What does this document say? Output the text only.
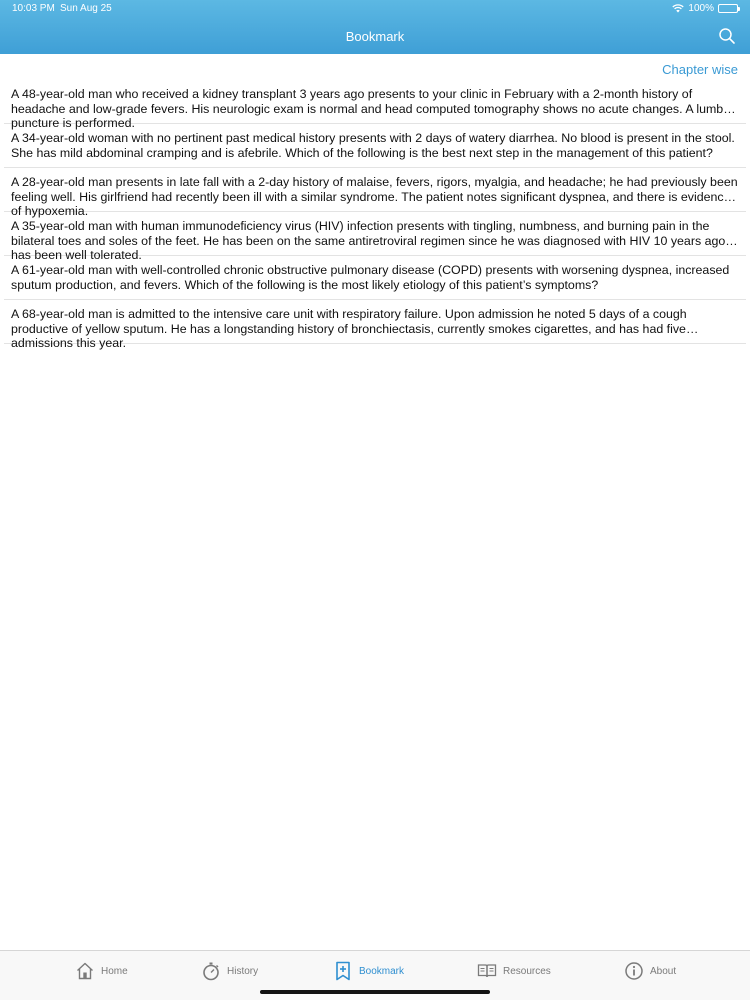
10:03 PM Sun Aug 25	100%
Bookmark
Chapter wise
A 48-year-old man who received a kidney transplant 3 years ago presents to your clinic in February with a 2-month history of headache and low-grade fevers. His neurologic exam is normal and head computed tomography shows no acute changes. A lumbar puncture is performed.
A 34-year-old woman with no pertinent past medical history presents with 2 days of watery diarrhea. No blood is present in the stool. She has mild abdominal cramping and is afebrile. Which of the following is the best next step in the management of this patient?
A 28-year-old man presents in late fall with a 2-day history of malaise, fevers, rigors, myalgia, and headache; he had previously been feeling well. His girlfriend had recently been ill with a similar syndrome. The patient notes significant dyspnea, and there is evidence of hypoxemia.
A 35-year-old man with human immunodeficiency virus (HIV) infection presents with tingling, numbness, and burning pain in the bilateral toes and soles of the feet. He has been on the same antiretroviral regimen since he was diagnosed with HIV 10 years ago; it has been well tolerated.
A 61-year-old man with well-controlled chronic obstructive pulmonary disease (COPD) presents with worsening dyspnea, increased sputum production, and fevers. Which of the following is the most likely etiology of this patient’s symptoms?
A 68-year-old man is admitted to the intensive care unit with respiratory failure. Upon admission he noted 5 days of a cough productive of yellow sputum. He has a longstanding history of bronchiectasis, currently smokes cigarettes, and has had five admissions this year.
Home	History	Bookmark	Resources	About
